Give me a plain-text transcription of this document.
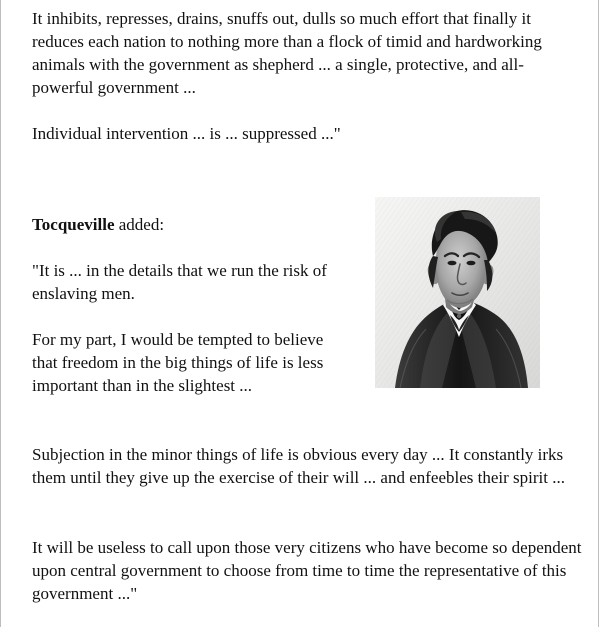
It inhibits, represses, drains, snuffs out, dulls so much effort that finally it reduces each nation to nothing more than a flock of timid and hardworking animals with the government as shepherd ... a single, protective, and all-powerful government ...

Individual intervention ... is ... suppressed ..."

Tocqueville added:

"It is ... in the details that we run the risk of enslaving men.

For my part, I would be tempted to believe that freedom in the big things of life is less important than in the slightest ...

Subjection in the minor things of life is obvious every day ... It constantly irks them until they give up the exercise of their will ... and enfeebles their spirit ...

It will be useless to call upon those very citizens who have become so dependent upon central government to choose from time to time the representative of this government ..."
